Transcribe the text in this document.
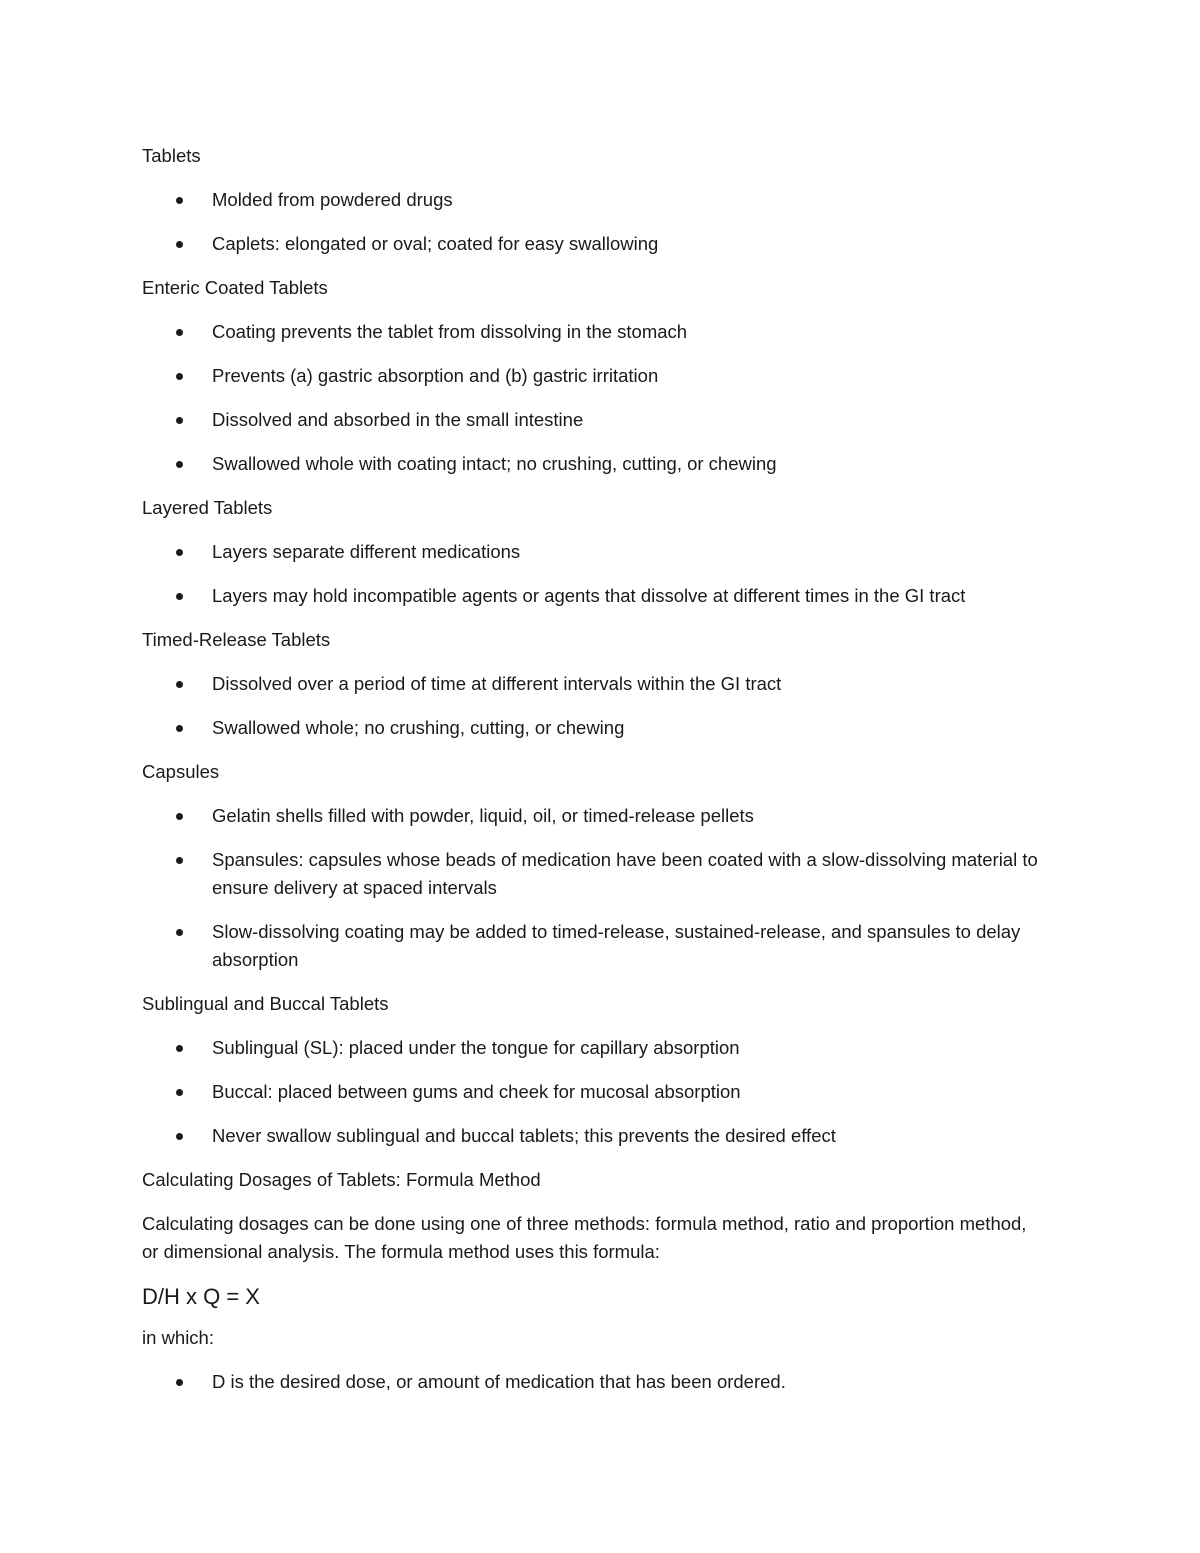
Tablets

Molded from powdered drugs
Caplets: elongated or oval; coated for easy swallowing

Enteric Coated Tablets

Coating prevents the tablet from dissolving in the stomach
Prevents (a) gastric absorption and (b) gastric irritation
Dissolved and absorbed in the small intestine
Swallowed whole with coating intact; no crushing, cutting, or chewing

Layered Tablets

Layers separate different medications
Layers may hold incompatible agents or agents that dissolve at different times in the GI tract

Timed-Release Tablets

Dissolved over a period of time at different intervals within the GI tract
Swallowed whole; no crushing, cutting, or chewing

Capsules

Gelatin shells filled with powder, liquid, oil, or timed-release pellets
Spansules: capsules whose beads of medication have been coated with a slow-dissolving material to ensure delivery at spaced intervals
Slow-dissolving coating may be added to timed-release, sustained-release, and spansules to delay absorption

Sublingual and Buccal Tablets

Sublingual (SL): placed under the tongue for capillary absorption
Buccal: placed between gums and cheek for mucosal absorption
Never swallow sublingual and buccal tablets; this prevents the desired effect

Calculating Dosages of Tablets: Formula Method

Calculating dosages can be done using one of three methods: formula method, ratio and proportion method, or dimensional analysis. The formula method uses this formula:

D/H x Q = X

in which:

D is the desired dose, or amount of medication that has been ordered.
